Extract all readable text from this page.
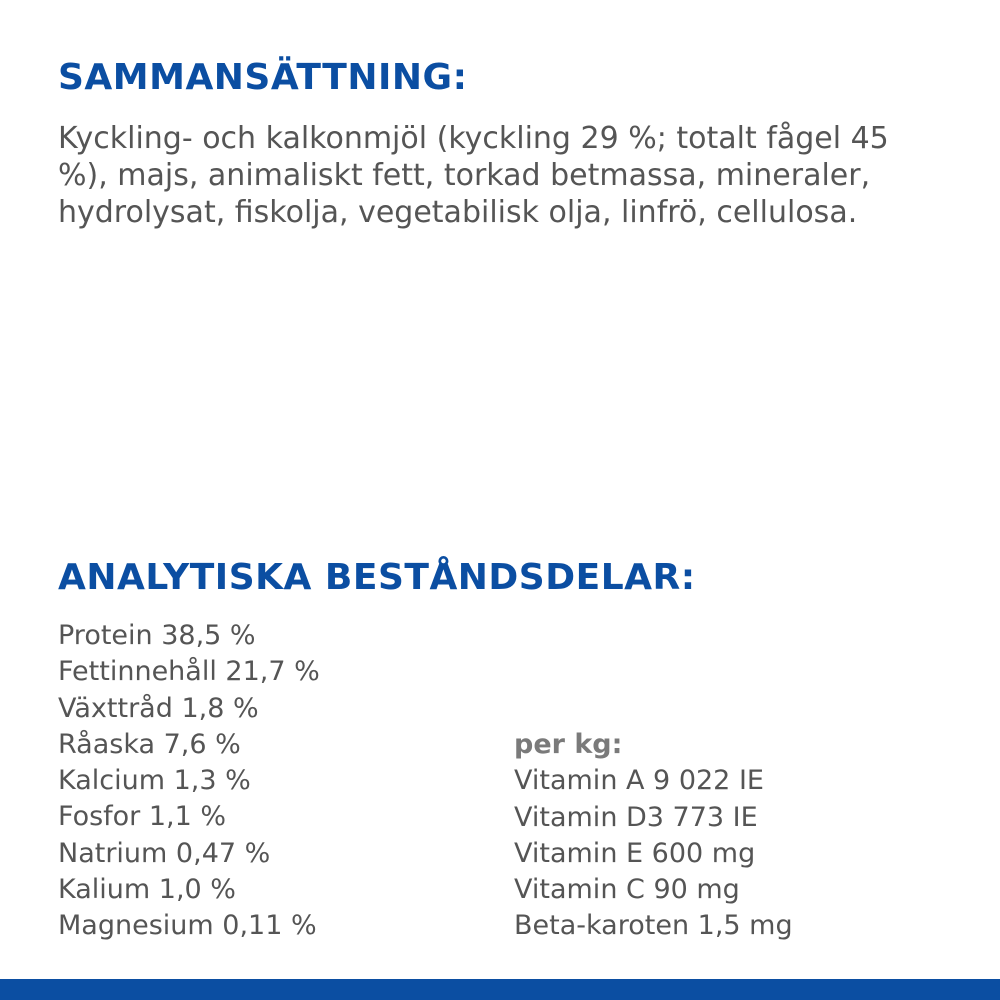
SAMMANSÄTTNING:

Kyckling- och kalkonmjöl (kyckling 29 %; totalt fågel 45 %), majs, animaliskt fett, torkad betmassa, mineraler, hydrolysat, fiskolja, vegetabilisk olja, linfrö, cellulosa.

ANALYTISKA BESTÅNDSDELAR:
Protein 38,5 %
Fettinnehåll 21,7 %
Växttråd 1,8 %
Råaska 7,6 %
Kalcium 1,3 %
Fosfor 1,1 %
Natrium 0,47 %
Kalium 1,0 %
Magnesium 0,11 %
per kg:
Vitamin A 9 022 IE
Vitamin D3 773 IE
Vitamin E 600 mg
Vitamin C 90 mg
Beta-karoten 1,5 mg
